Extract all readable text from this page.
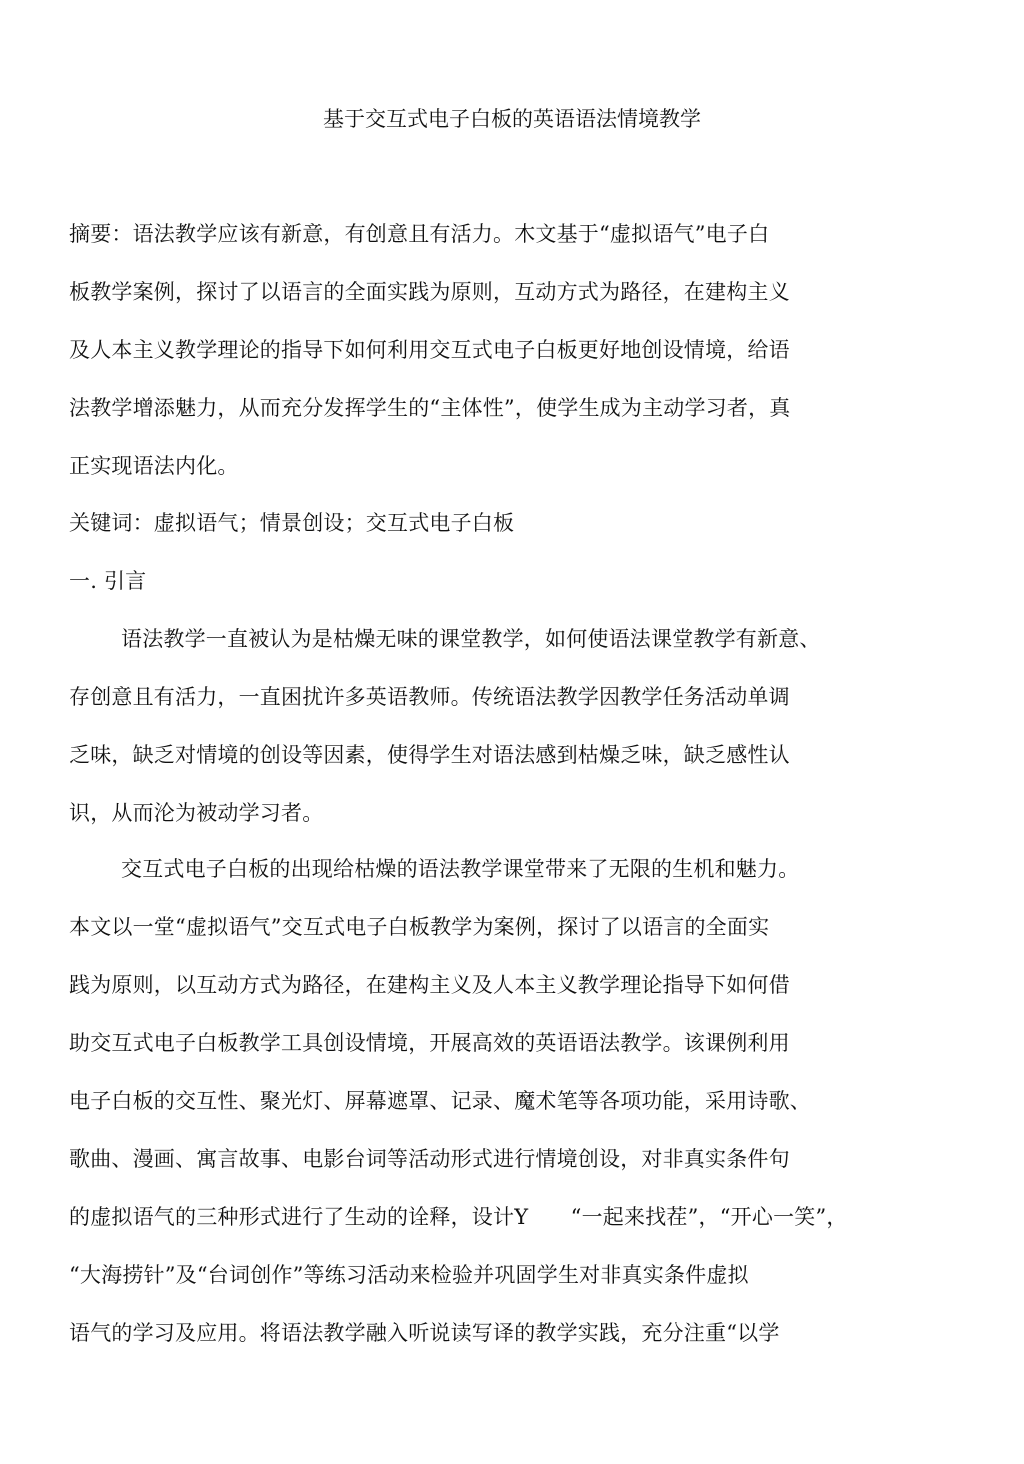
基于交互式电子白板的英语语法情境教学
摘要：语法教学应该有新意，有创意且有活力。木文基于“虚拟语气”电子白
板教学案例，探讨了以语言的全面实践为原则，互动方式为路径，在建构主义
及人本主义教学理论的指导下如何利用交互式电子白板更好地创设情境，给语
法教学增添魅力，从而充分发挥学生的“主体性”，使学生成为主动学习者，真
正实现语法内化。
关键词：虚拟语气；情景创设；交互式电子白板
一. 引言
语法教学一直被认为是枯燥无味的课堂教学，如何使语法课堂教学有新意、
存创意且有活力，一直困扰许多英语教师。传统语法教学因教学任务活动单调
乏味，缺乏对情境的创设等因素，使得学生对语法感到枯燥乏味，缺乏感性认
识，从而沦为被动学习者。
交互式电子白板的出现给枯燥的语法教学课堂带来了无限的生机和魅力。
本文以一堂“虚拟语气”交互式电子白板教学为案例，探讨了以语言的全面实
践为原则，以互动方式为路径，在建构主义及人本主义教学理论指导下如何借
助交互式电子白板教学工具创设情境，开展高效的英语语法教学。该课例利用
电子白板的交互性、聚光灯、屏幕遮罩、记录、魔术笔等各项功能，采用诗歌、
歌曲、漫画、寓言故事、电影台词等活动形式进行情境创设，对非真实条件句
的虚拟语气的三种形式进行了生动的诠释，设计Y　　“一起来找茬”，“开心一笑”，
“大海捞针”及“台词创作”等练习活动来检验并巩固学生对非真实条件虚拟
语气的学习及应用。将语法教学融入听说读写译的教学实践，充分注重“以学
